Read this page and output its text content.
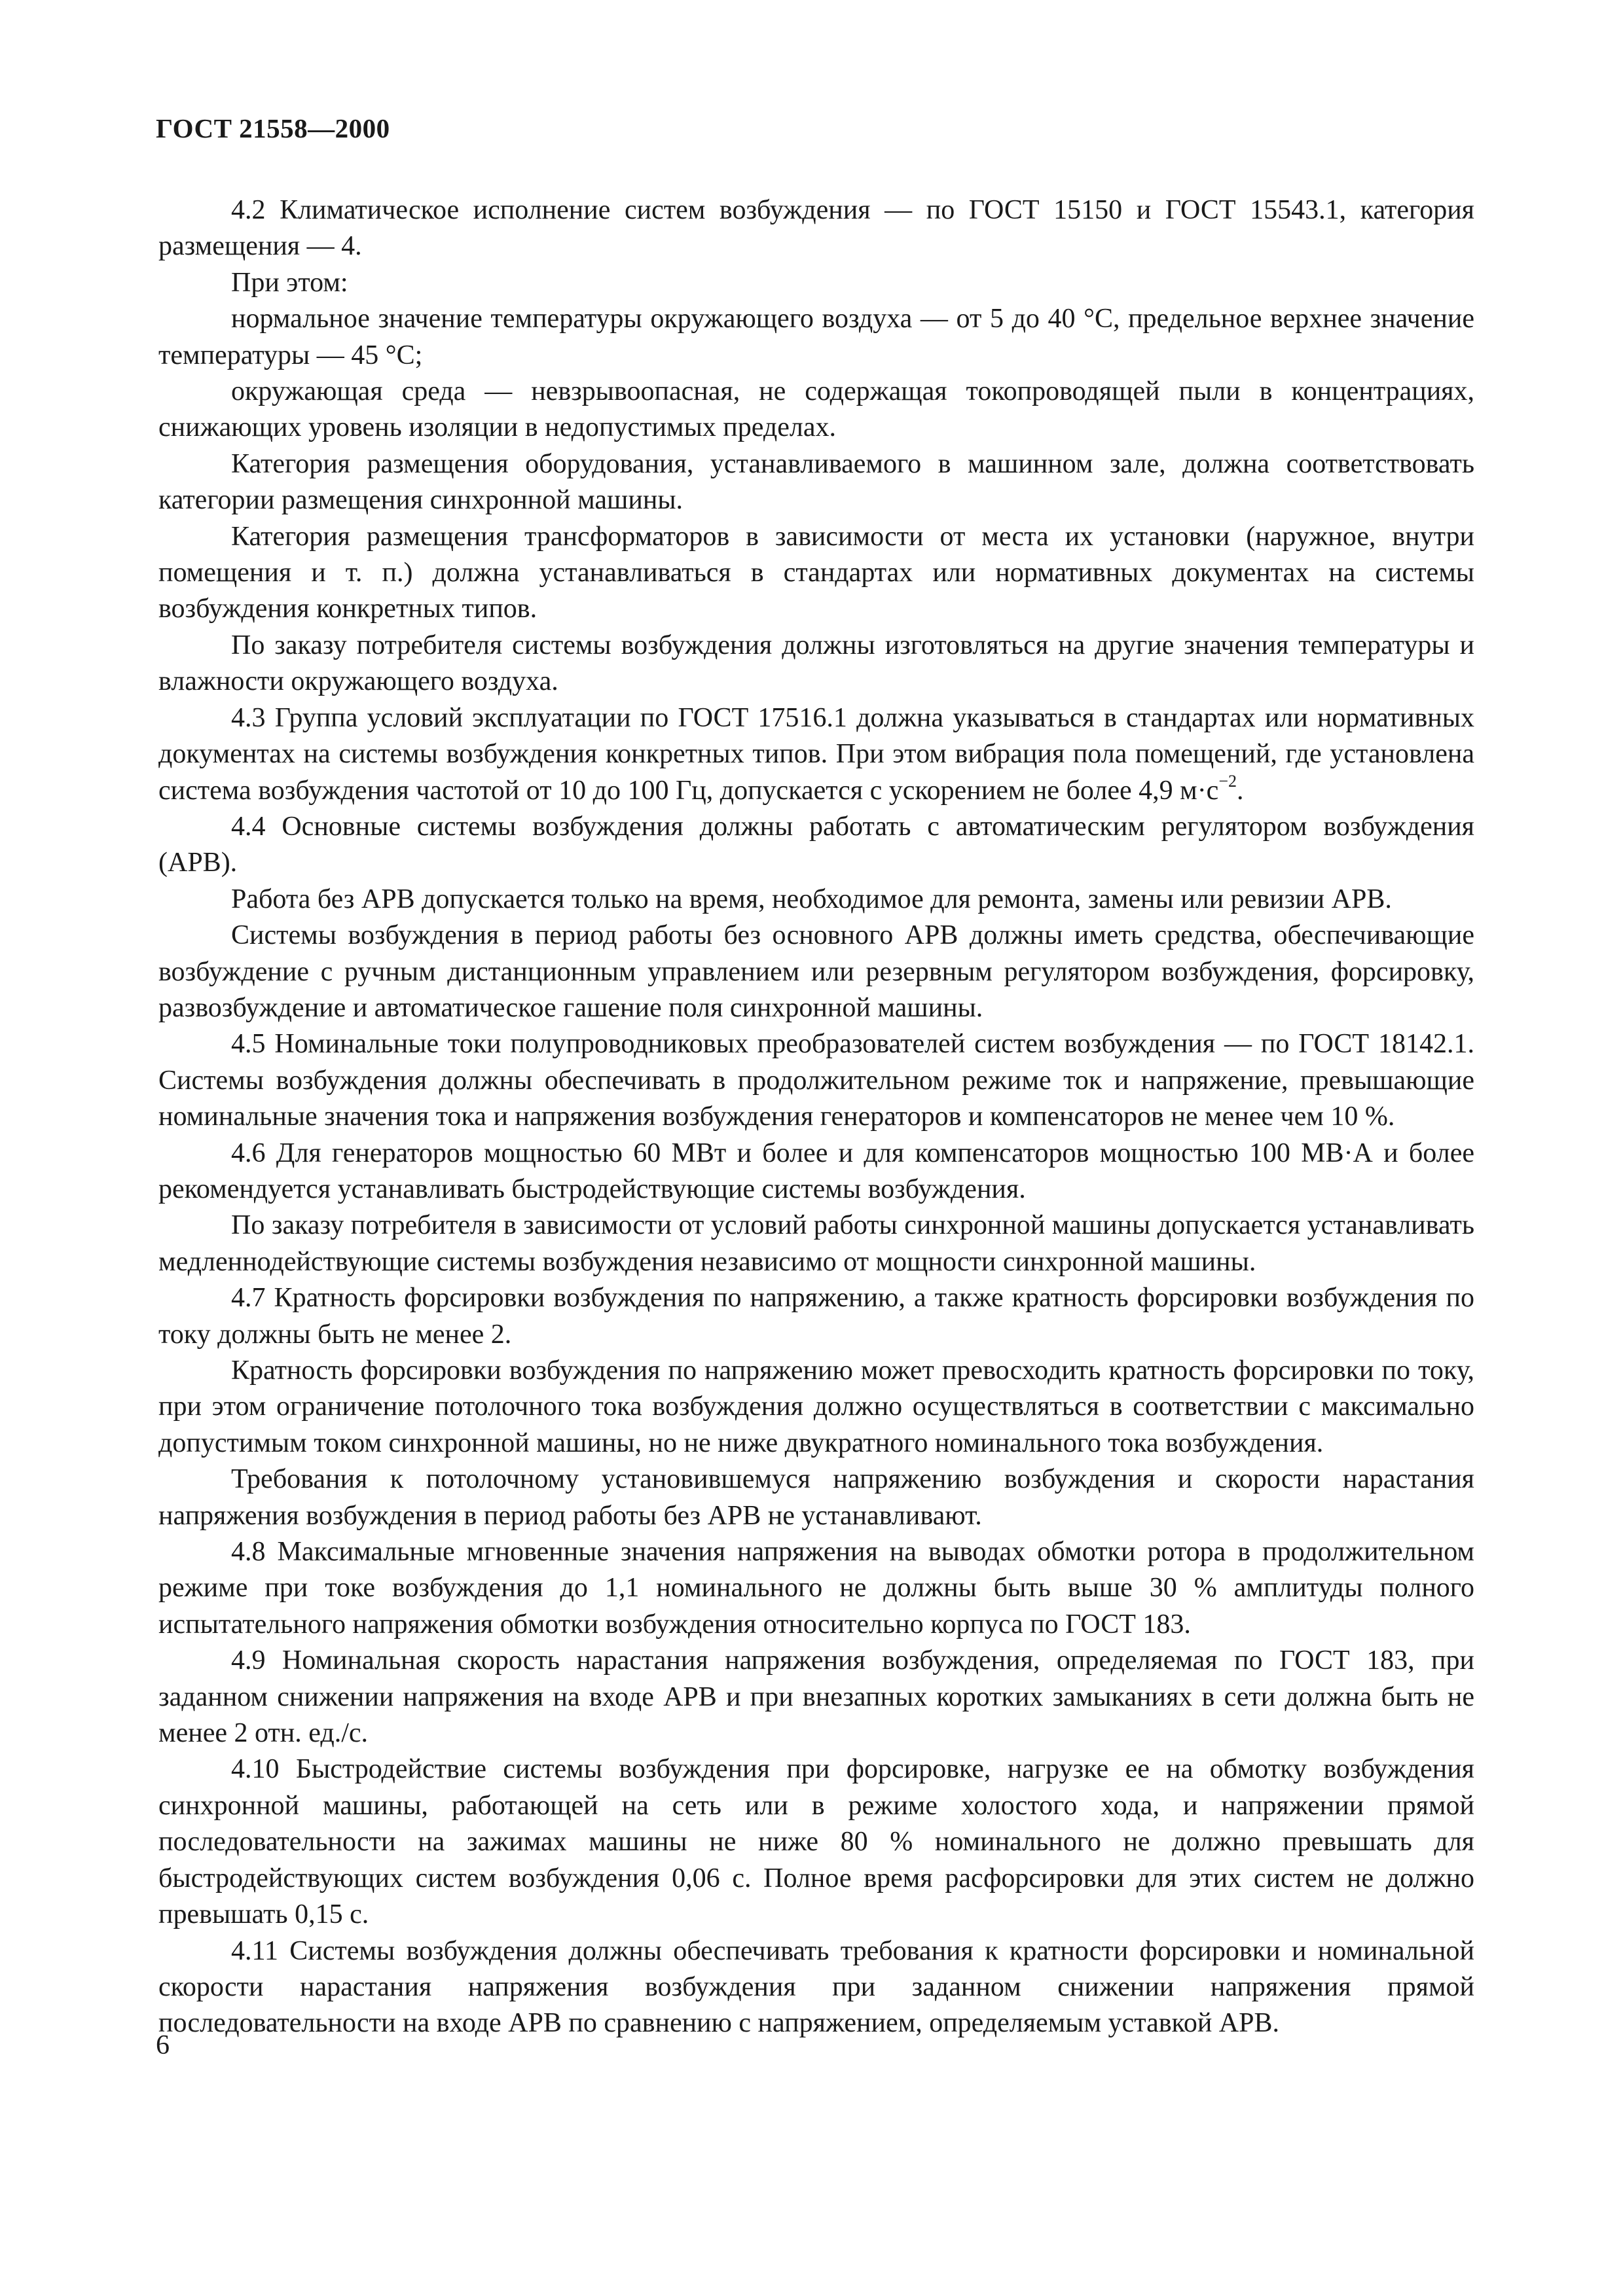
ГОСТ 21558—2000

4.2 Климатическое исполнение систем возбуждения — по ГОСТ 15150 и ГОСТ 15543.1, категория размещения — 4.

При этом:

нормальное значение температуры окружающего воздуха — от 5 до 40 °C, предельное верхнее значение температуры — 45 °C;

окружающая среда — невзрывоопасная, не содержащая токопроводящей пыли в концентрациях, снижающих уровень изоляции в недопустимых пределах.

Категория размещения оборудования, устанавливаемого в машинном зале, должна соответствовать категории размещения синхронной машины.

Категория размещения трансформаторов в зависимости от места их установки (наружное, внутри помещения и т. п.) должна устанавливаться в стандартах или нормативных документах на системы возбуждения конкретных типов.

По заказу потребителя системы возбуждения должны изготовляться на другие значения температуры и влажности окружающего воздуха.

4.3 Группа условий эксплуатации по ГОСТ 17516.1 должна указываться в стандартах или нормативных документах на системы возбуждения конкретных типов. При этом вибрация пола помещений, где установлена система возбуждения частотой от 10 до 100 Гц, допускается с ускорением не более 4,9 $м\cdot с^{-2}$.

4.4 Основные системы возбуждения должны работать с автоматическим регулятором возбуждения (АРВ).

Работа без АРВ допускается только на время, необходимое для ремонта, замены или ревизии АРВ.

Системы возбуждения в период работы без основного АРВ должны иметь средства, обеспечивающие возбуждение с ручным дистанционным управлением или резервным регулятором возбуждения, форсировку, развозбуждение и автоматическое гашение поля синхронной машины.

4.5 Номинальные токи полупроводниковых преобразователей систем возбуждения — по ГОСТ 18142.1. Системы возбуждения должны обеспечивать в продолжительном режиме ток и напряжение, превышающие номинальные значения тока и напряжения возбуждения генераторов и компенсаторов не менее чем 10 %.

4.6 Для генераторов мощностью 60 МВт и более и для компенсаторов мощностью 100 МВ·А и более рекомендуется устанавливать быстродействующие системы возбуждения.

По заказу потребителя в зависимости от условий работы синхронной машины допускается устанавливать медленнодействующие системы возбуждения независимо от мощности синхронной машины.

4.7 Кратность форсировки возбуждения по напряжению, а также кратность форсировки возбуждения по току должны быть не менее 2.

Кратность форсировки возбуждения по напряжению может превосходить кратность форсировки по току, при этом ограничение потолочного тока возбуждения должно осуществляться в соответствии с максимально допустимым током синхронной машины, но не ниже двукратного номинального тока возбуждения.

Требования к потолочному установившемуся напряжению возбуждения и скорости нарастания напряжения возбуждения в период работы без АРВ не устанавливают.

4.8 Максимальные мгновенные значения напряжения на выводах обмотки ротора в продолжительном режиме при токе возбуждения до 1,1 номинального не должны быть выше 30 % амплитуды полного испытательного напряжения обмотки возбуждения относительно корпуса по ГОСТ 183.

4.9 Номинальная скорость нарастания напряжения возбуждения, определяемая по ГОСТ 183, при заданном снижении напряжения на входе АРВ и при внезапных коротких замыканиях в сети должна быть не менее 2 отн. ед./с.

4.10 Быстродействие системы возбуждения при форсировке, нагрузке ее на обмотку возбуждения синхронной машины, работающей на сеть или в режиме холостого хода, и напряжении прямой последовательности на зажимах машины не ниже 80 % номинального не должно превышать для быстродействующих систем возбуждения 0,06 с. Полное время расфорсировки для этих систем не должно превышать 0,15 с.

4.11 Системы возбуждения должны обеспечивать требования к кратности форсировки и номинальной скорости нарастания напряжения возбуждения при заданном снижении напряжения прямой последовательности на входе АРВ по сравнению с напряжением, определяемым уставкой АРВ.

6
